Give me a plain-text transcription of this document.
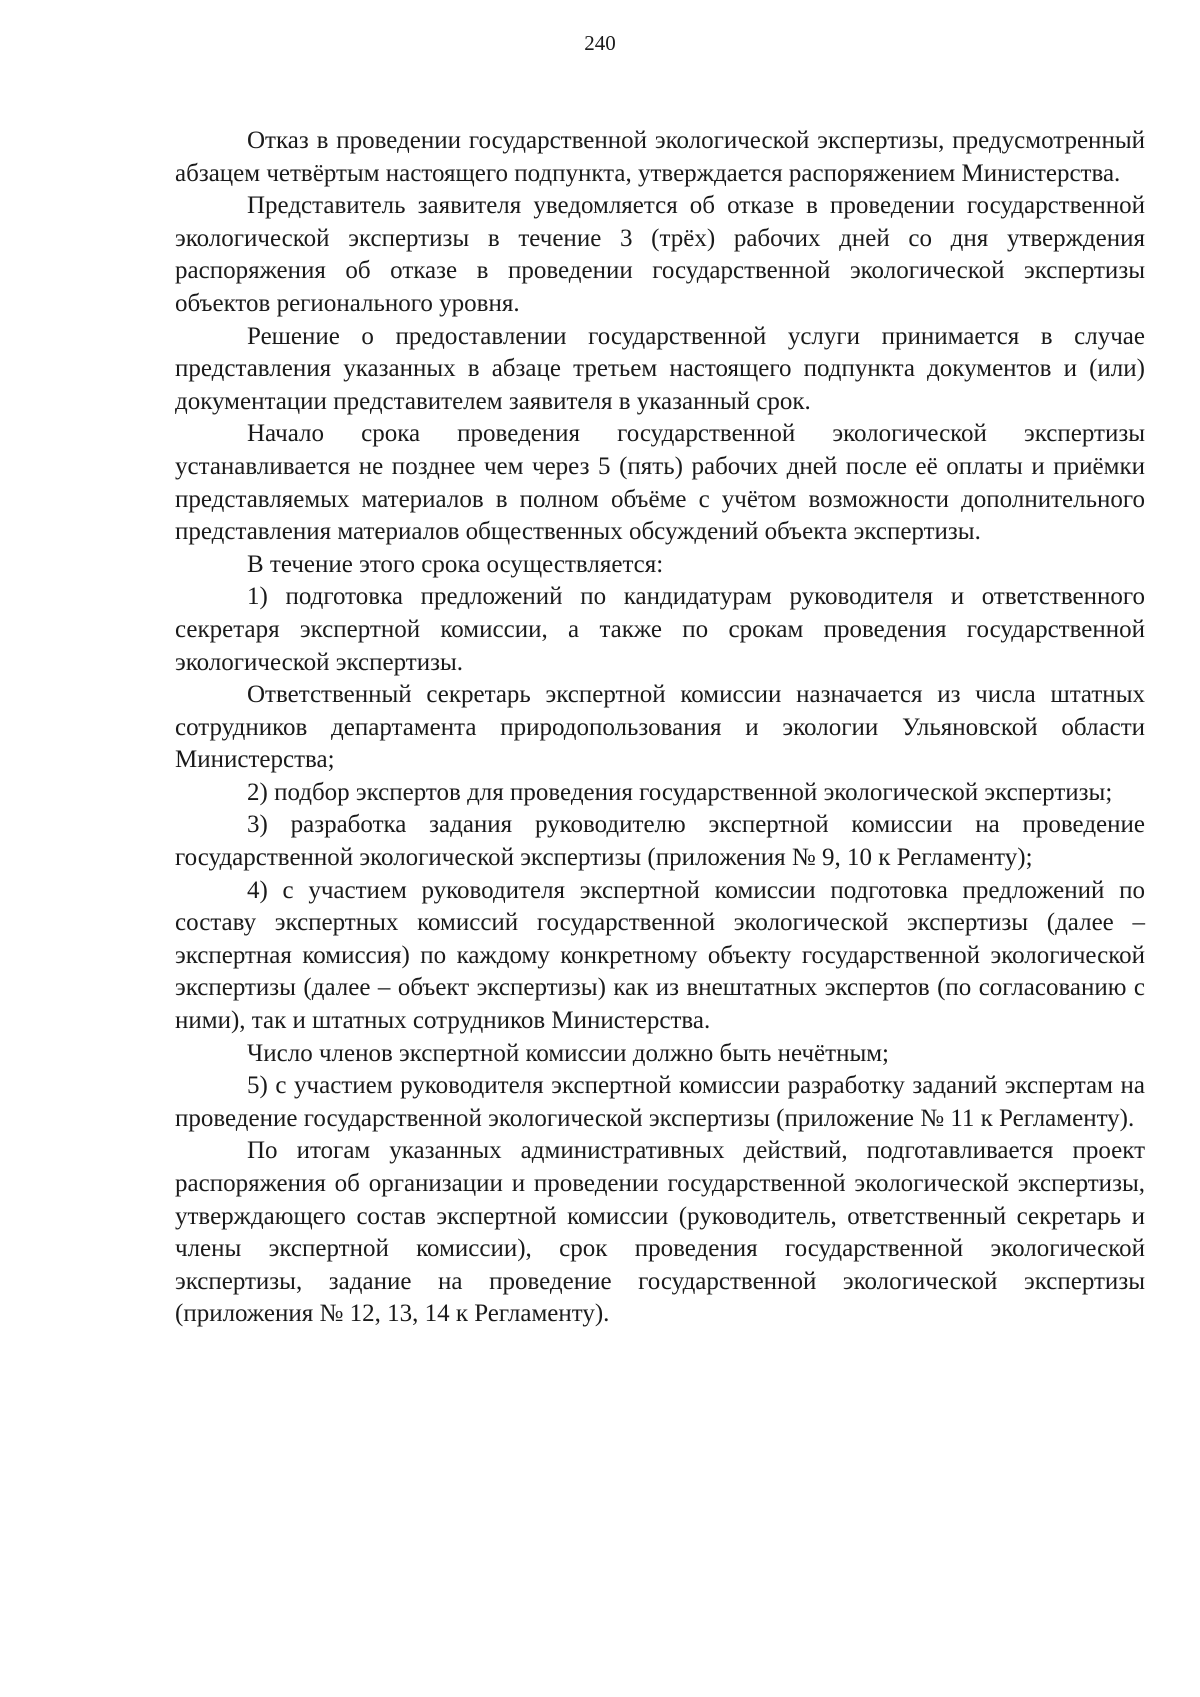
240

Отказ в проведении государственной экологической экспертизы, предусмотренный абзацем четвёртым настоящего подпункта, утверждается распоряжением Министерства.

Представитель заявителя уведомляется об отказе в проведении государственной экологической экспертизы в течение 3 (трёх) рабочих дней со дня утверждения распоряжения об отказе в проведении государственной экологической экспертизы объектов регионального уровня.

Решение о предоставлении государственной услуги принимается в случае представления указанных в абзаце третьем настоящего подпункта документов и (или) документации представителем заявителя в указанный срок.

Начало срока проведения государственной экологической экспертизы устанавливается не позднее чем через 5 (пять) рабочих дней после её оплаты и приёмки представляемых материалов в полном объёме с учётом возможности дополнительного представления материалов общественных обсуждений объекта экспертизы.

В течение этого срока осуществляется:

1) подготовка предложений по кандидатурам руководителя и ответственного секретаря экспертной комиссии, а также по срокам проведения государственной экологической экспертизы.

Ответственный секретарь экспертной комиссии назначается из числа штатных сотрудников департамента природопользования и экологии Ульяновской области Министерства;

2) подбор экспертов для проведения государственной экологической экспертизы;

3) разработка задания руководителю экспертной комиссии на проведение государственной экологической экспертизы (приложения № 9, 10 к Регламенту);

4) с участием руководителя экспертной комиссии подготовка предложений по составу экспертных комиссий государственной экологической экспертизы (далее – экспертная комиссия) по каждому конкретному объекту государственной экологической экспертизы (далее – объект экспертизы) как из внештатных экспертов (по согласованию с ними), так и штатных сотрудников Министерства.

Число членов экспертной комиссии должно быть нечётным;

5) с участием руководителя экспертной комиссии разработку заданий экспертам на проведение государственной экологической экспертизы (приложение № 11 к Регламенту).

По итогам указанных административных действий, подготавливается проект распоряжения об организации и проведении государственной экологической экспертизы, утверждающего состав экспертной комиссии (руководитель, ответственный секретарь и члены экспертной комиссии), срок проведения государственной экологической экспертизы, задание на проведение государственной экологической экспертизы (приложения № 12, 13, 14 к Регламенту).
